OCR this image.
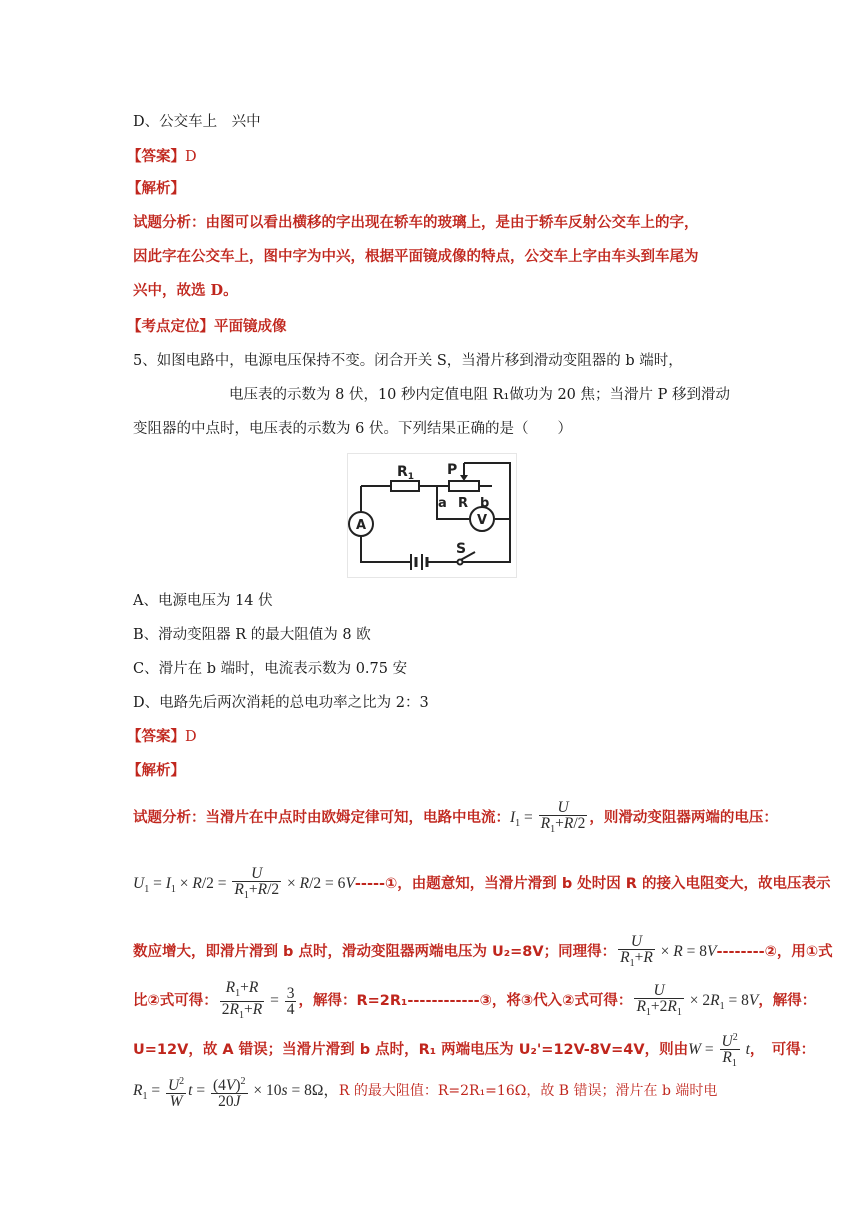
D、公交车上　兴中
【答案】D
【解析】
试题分析：由图可以看出横移的字出现在轿车的玻璃上，是由于轿车反射公交车上的字，
因此字在公交车上，图中字为中兴，根据平面镜成像的特点，公交车上字由车头到车尾为
兴中，故选 D。
【考点定位】平面镜成像
5、如图电路中，电源电压保持不变。闭合开关 S，当滑片移到滑动变阻器的 b 端时，
电压表的示数为 8 伏，10 秒内定值电阻 R₁做功为 20 焦；当滑片 P 移到滑动
变阻器的中点时，电压表的示数为 6 伏。下列结果正确的是（　　）
A	V
$R_1$ P
a R b
S
A、电源电压为 14 伏
B、滑动变阻器 R 的最大阻值为 8 欧
C、滑片在 b 端时，电流表示数为 0.75 安
D、电路先后两次消耗的总电功率之比为 2：3
【答案】D
【解析】
试题分析：当滑片在中点时由欧姆定律可知，电路中电流：$I_1 = \frac{U}{R_1+R/2}$ ，则滑动变阻器两端的电压：
$U_1 = I_1 \times R/2 = \frac{U}{R_1+R/2} \times R/2$ = 6V-----①，由题意知，当滑片滑到 b 处时因 R 的接入电阻变大，故电压表示
数应增大，即滑片滑到 b 点时，滑动变阻器两端电压为 U₂=8V；同理得： $\frac{U}{R_1+R} \times R$ = 8V--------②，用①式
比②式可得： $\frac{R_1+R}{2R_1+R} = \frac{3}{4}$ ，解得：R=2R₁------------③，将③代入②式可得： $\frac{U}{R_1+2R_1} \times 2R_1 = 8V$，解得：
U=12V，故 A 错误；当滑片滑到 b 点时，R₁ 两端电压为 U₂'=12V-8V=4V，则由$W = \frac{U^2}{R_1}$ t，　可得：
$R_1 = \frac{U^2}{W}$ $t = \frac{(4V)^2}{20J} \times 10s = 8\Omega$，R 的最大阻值：R=2R₁=16Ω，故 B 错误；滑片在 b 端时电
